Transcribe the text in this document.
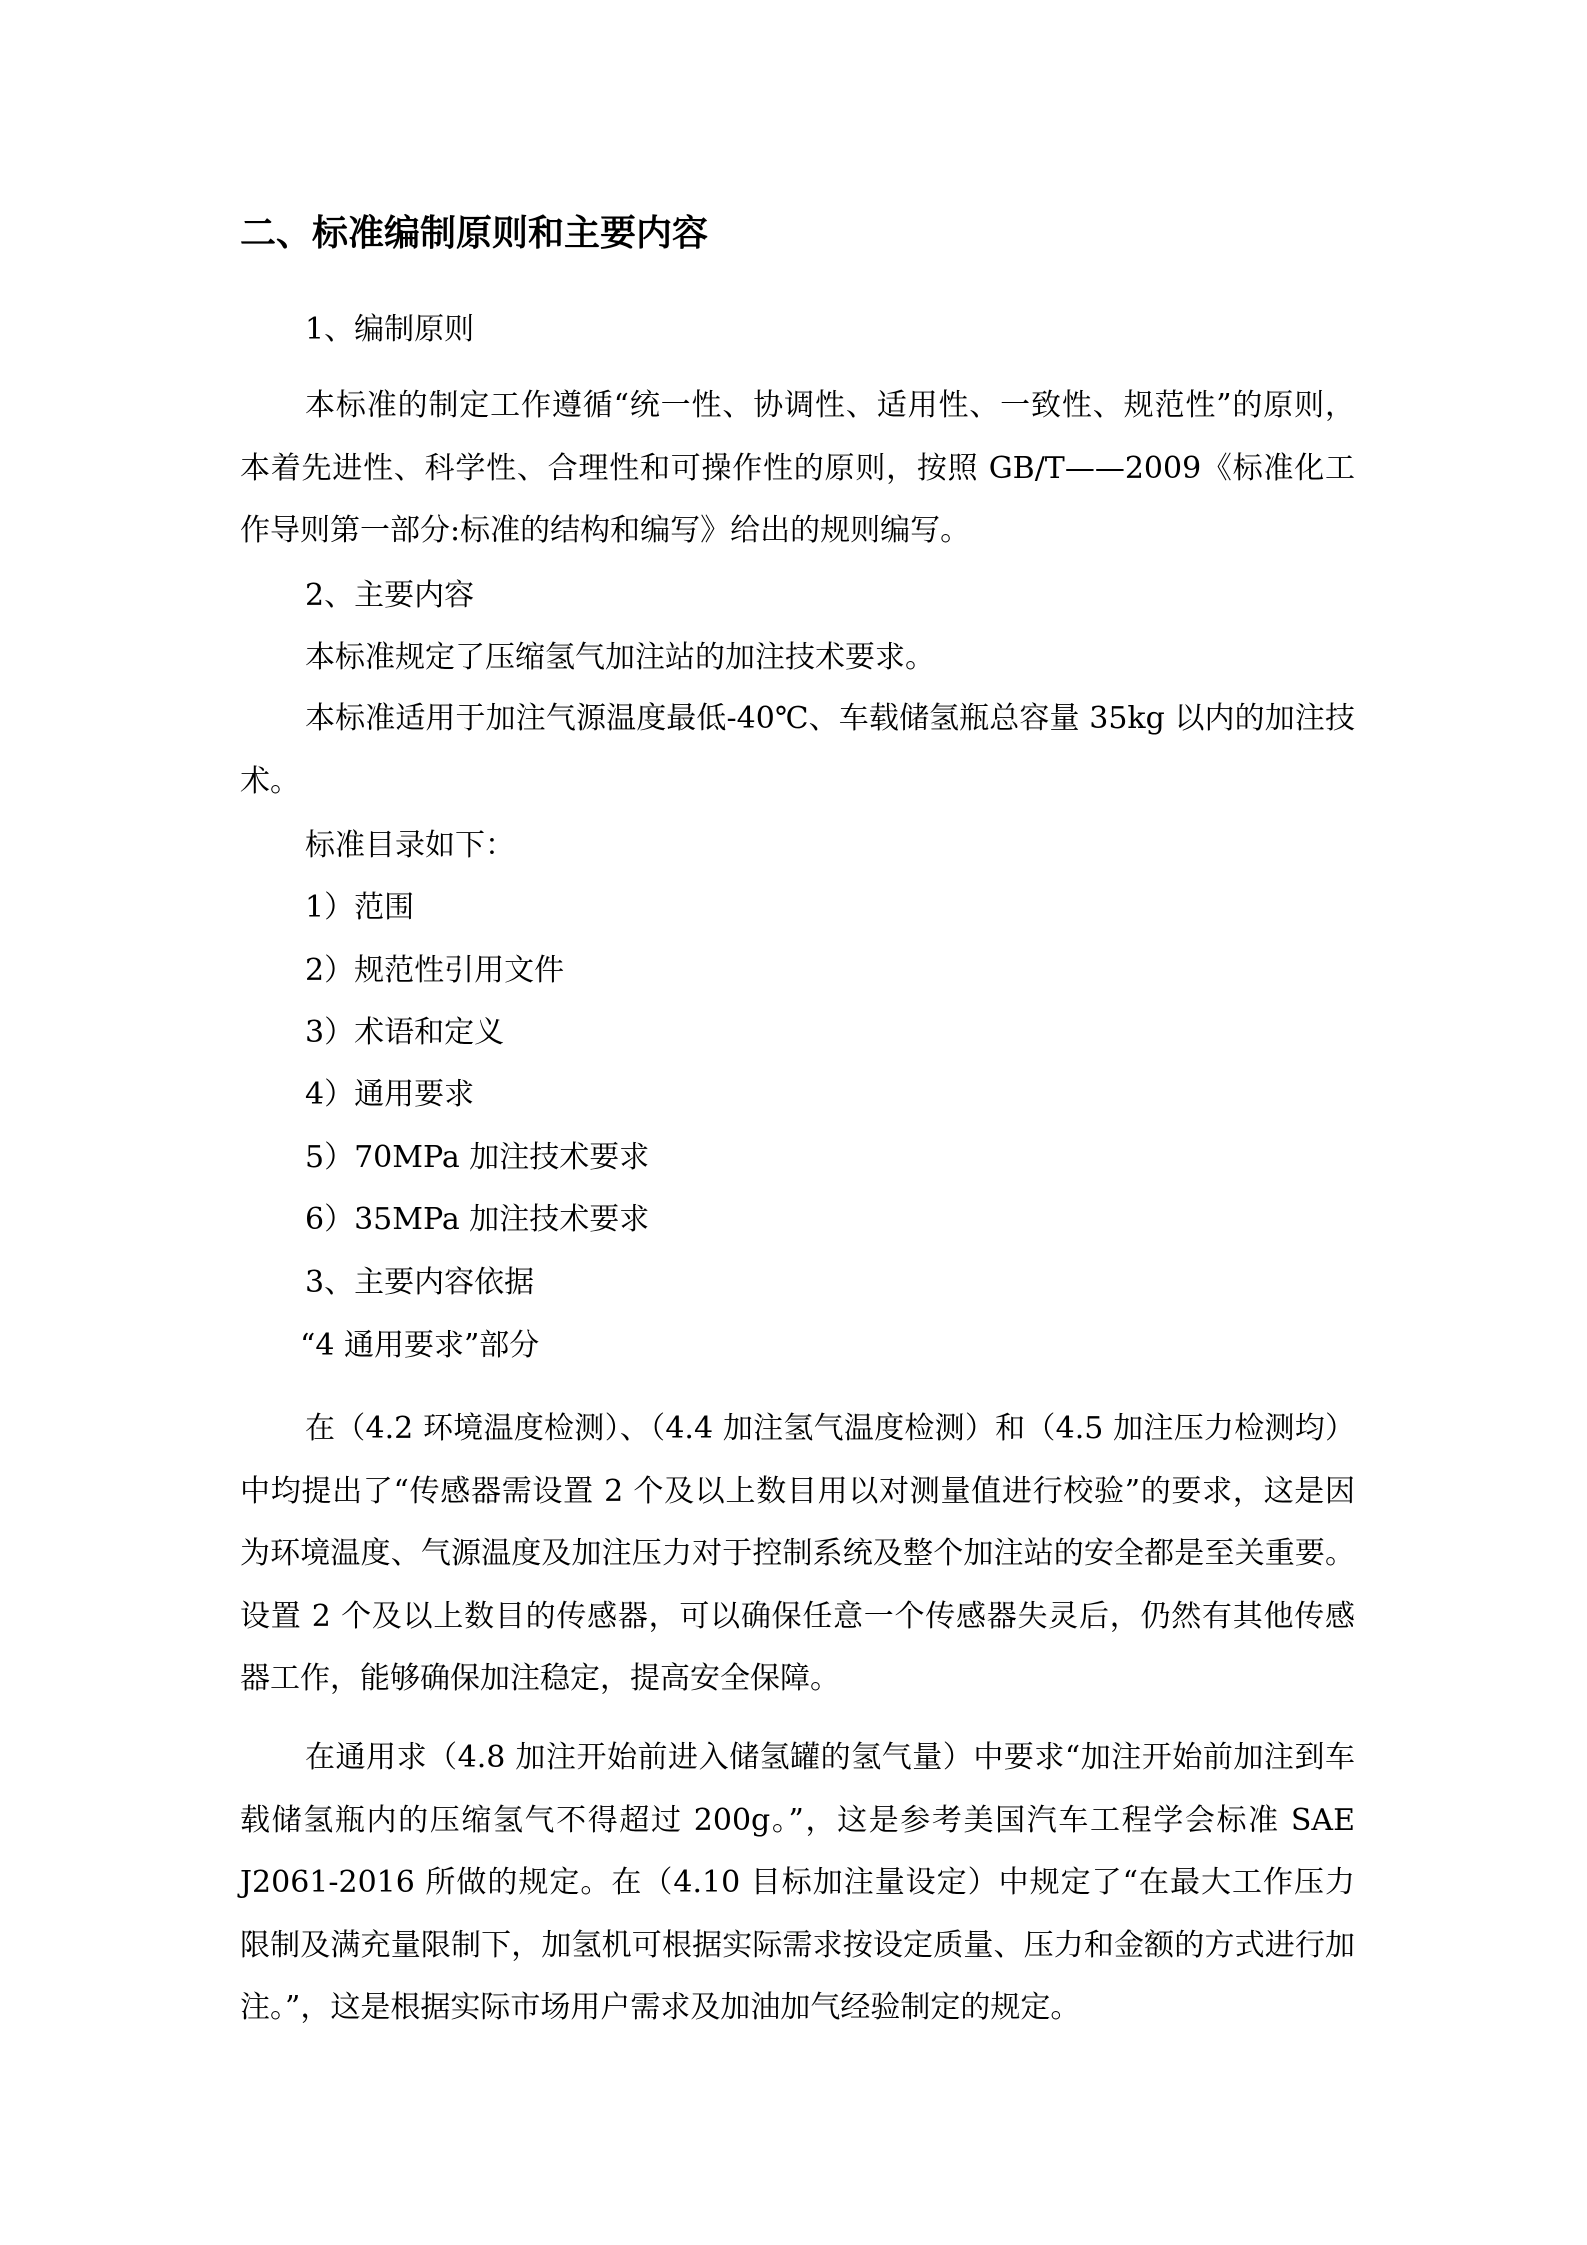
二、标准编制原则和主要内容
1、编制原则

本标准的制定工作遵循“统一性、协调性、适用性、一致性、规范性”的原则，本着先进性、科学性、合理性和可操作性的原则，按照 GB/T——2009《标准化工作导则第一部分:标准的结构和编写》给出的规则编写。

2、主要内容
本标准规定了压缩氢气加注站的加注技术要求。

本标准适用于加注气源温度最低-40℃、车载储氢瓶总容量 35kg 以内的加注技术。

标准目录如下：
1）范围
2）规范性引用文件
3）术语和定义
4）通用要求
5）70MPa 加注技术要求
6）35MPa 加注技术要求
3、主要内容依据
“4 通用要求”部分

在（4.2 环境温度检测）、（4.4 加注氢气温度检测）和（4.5 加注压力检测均）中均提出了“传感器需设置 2 个及以上数目用以对测量值进行校验”的要求，这是因为环境温度、气源温度及加注压力对于控制系统及整个加注站的安全都是至关重要。设置 2 个及以上数目的传感器，可以确保任意一个传感器失灵后，仍然有其他传感器工作，能够确保加注稳定，提高安全保障。

在通用求（4.8 加注开始前进入储氢罐的氢气量）中要求“加注开始前加注到车载储氢瓶内的压缩氢气不得超过 200g。”，这是参考美国汽车工程学会标准 SAE J2061-2016 所做的规定。在（4.10 目标加注量设定）中规定了“在最大工作压力限制及满充量限制下，加氢机可根据实际需求按设定质量、压力和金额的方式进行加注。”，这是根据实际市场用户需求及加油加气经验制定的规定。
